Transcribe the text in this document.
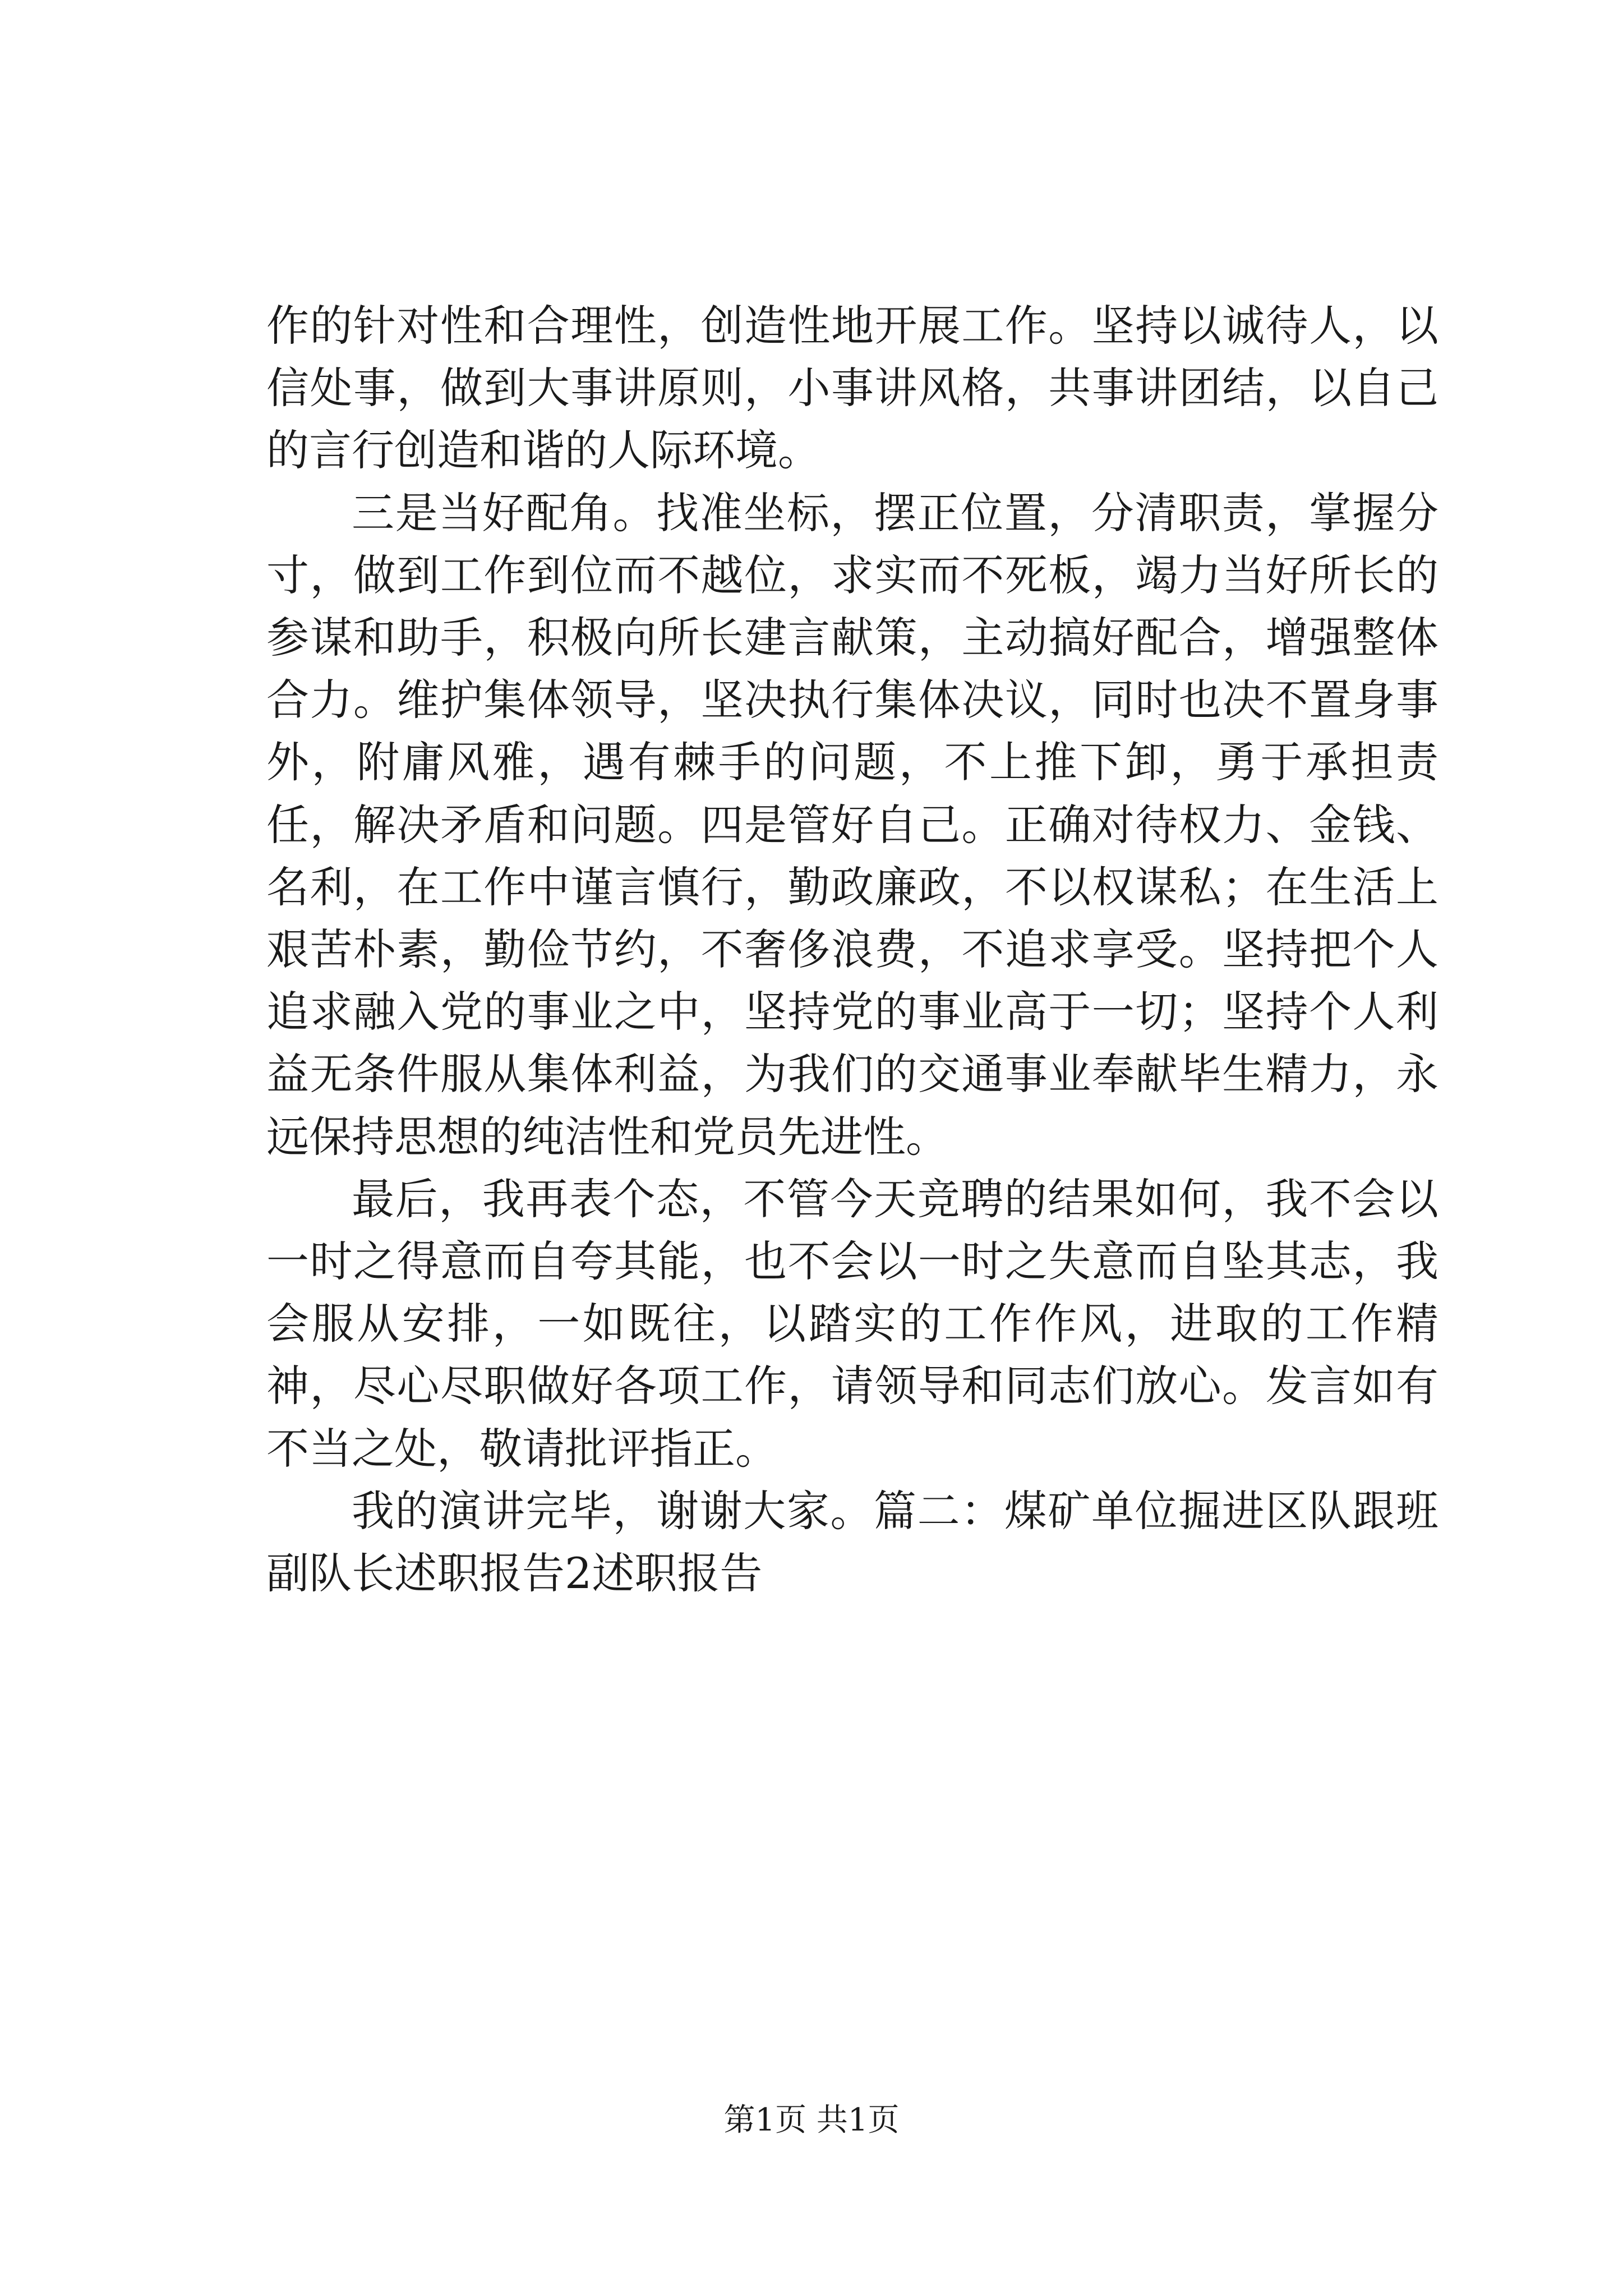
作的针对性和合理性，创造性地开展工作。坚持以诚待人，以信处事，做到大事讲原则，小事讲风格，共事讲团结，以自己的言行创造和谐的人际环境。

三是当好配角。找准坐标，摆正位置，分清职责，掌握分寸，做到工作到位而不越位，求实而不死板，竭力当好所长的参谋和助手，积极向所长建言献策，主动搞好配合，增强整体合力。维护集体领导，坚决执行集体决议，同时也决不置身事外，附庸风雅，遇有棘手的问题，不上推下卸，勇于承担责任，解决矛盾和问题。四是管好自己。正确对待权力、金钱、名利，在工作中谨言慎行，勤政廉政，不以权谋私；在生活上艰苦朴素，勤俭节约，不奢侈浪费，不追求享受。坚持把个人追求融入党的事业之中，坚持党的事业高于一切；坚持个人利益无条件服从集体利益，为我们的交通事业奉献毕生精力，永远保持思想的纯洁性和党员先进性。

最后，我再表个态，不管今天竞聘的结果如何，我不会以一时之得意而自夸其能，也不会以一时之失意而自坠其志，我会服从安排，一如既往，以踏实的工作作风，进取的工作精神，尽心尽职做好各项工作，请领导和同志们放心。发言如有不当之处，敬请批评指正。

我的演讲完毕，谢谢大家。篇二：煤矿单位掘进区队跟班副队长述职报告2述职报告

第1页 共1页
